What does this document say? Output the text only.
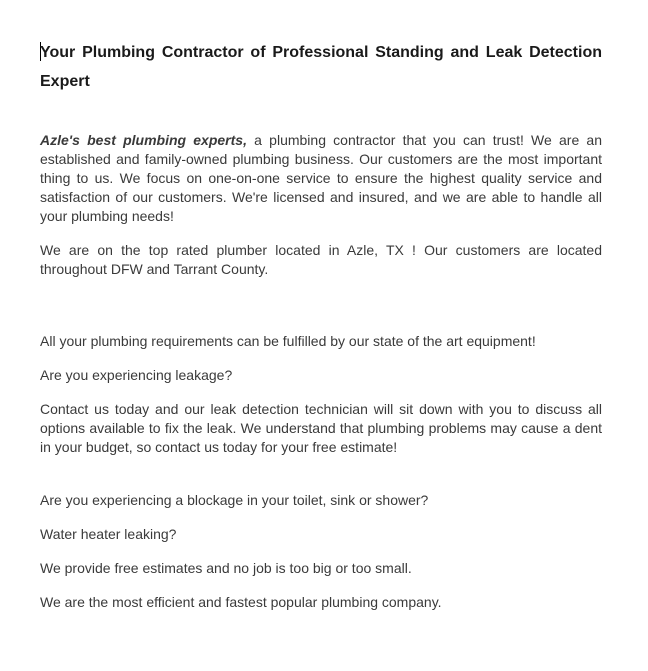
Your Plumbing Contractor of Professional Standing and Leak Detection Expert

Azle's best plumbing experts, a plumbing contractor that you can trust! We are an established and family-owned plumbing business. Our customers are the most important thing to us. We focus on one-on-one service to ensure the highest quality service and satisfaction of our customers. We're licensed and insured, and we are able to handle all your plumbing needs!

We are on the top rated plumber located in Azle, TX ! Our customers are located throughout DFW and Tarrant County.

All your plumbing requirements can be fulfilled by our state of the art equipment!

Are you experiencing leakage?

Contact us today and our leak detection technician will sit down with you to discuss all options available to fix the leak. We understand that plumbing problems may cause a dent in your budget, so contact us today for your free estimate!

Are you experiencing a blockage in your toilet, sink or shower?

Water heater leaking?

We provide free estimates and no job is too big or too small.

We are the most efficient and fastest popular plumbing company.
